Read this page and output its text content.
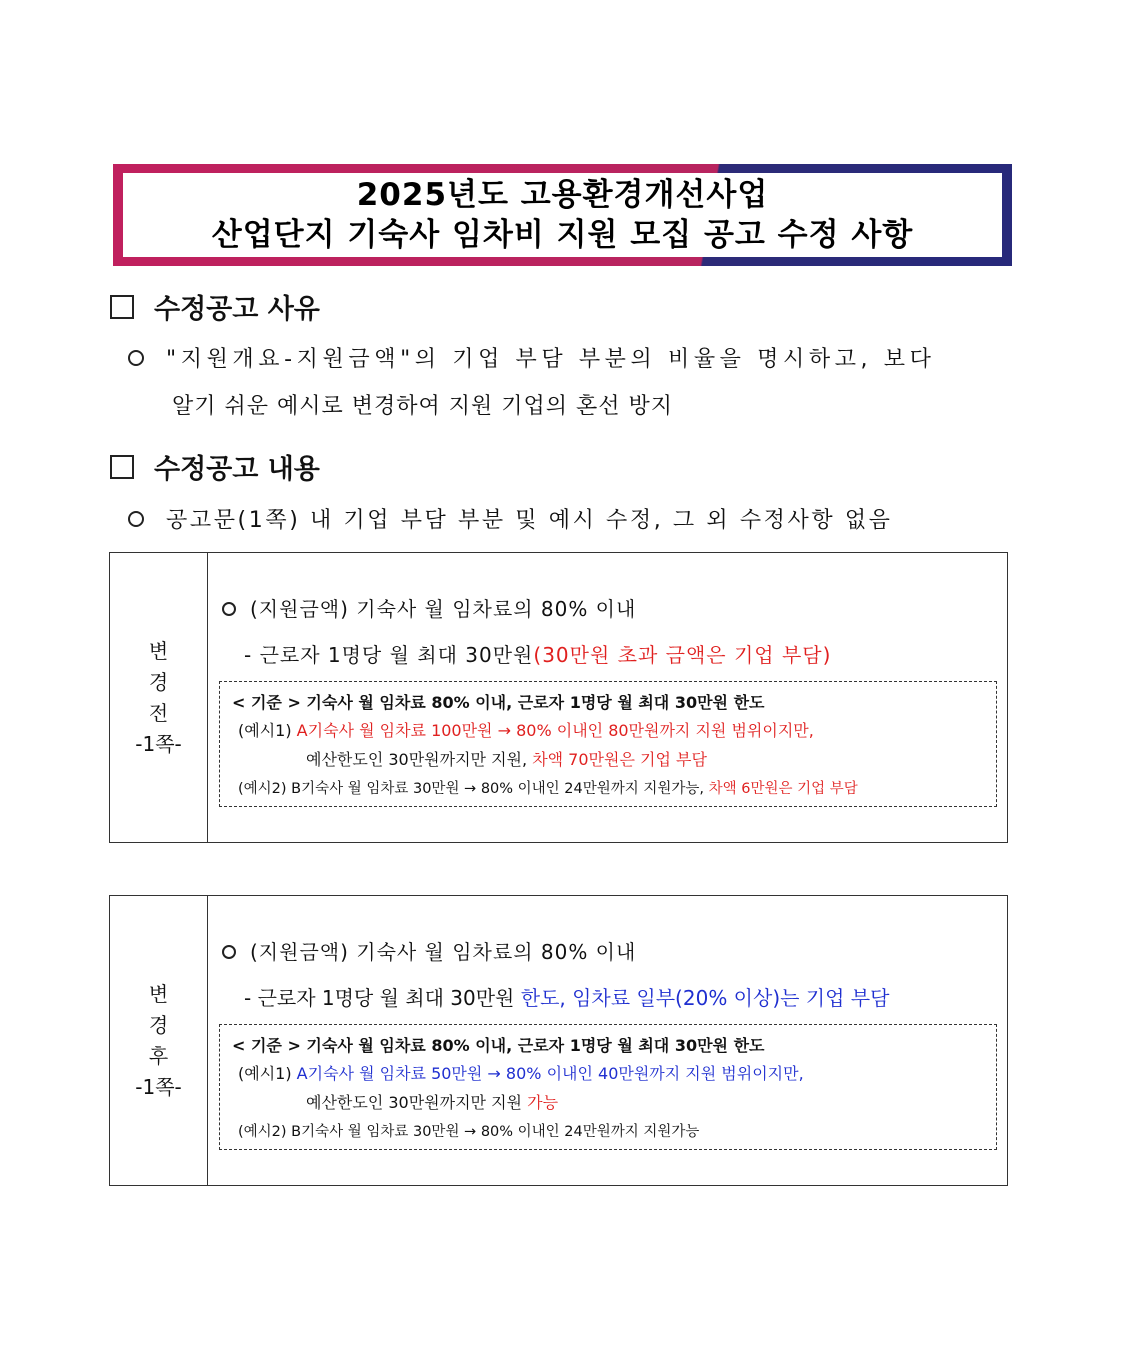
2025년도 고용환경개선사업
산업단지 기숙사 임차비 지원 모집 공고 수정 사항
수정공고 사유
"지원개요-지원금액"의 기업 부담 부분의 비율을 명시하고, 보다
알기 쉬운 예시로 변경하여 지원 기업의 혼선 방지
수정공고 내용
공고문(1쪽) 내 기업 부담 부분 및 예시 수정, 그 외 수정사항 없음
변
경
전
-1쪽-
(지원금액) 기숙사 월 임차료의 80% 이내
- 근로자 1명당 월 최대 30만원(30만원 초과 금액은 기업 부담)
< 기준 > 기숙사 월 임차료 80% 이내, 근로자 1명당 월 최대 30만원 한도
(예시1) A기숙사 월 임차료 100만원 → 80% 이내인 80만원까지 지원 범위이지만,
예산한도인 30만원까지만 지원, 차액 70만원은 기업 부담
(예시2) B기숙사 월 임차료 30만원 → 80% 이내인 24만원까지 지원가능, 차액 6만원은 기업 부담
변
경
후
-1쪽-
(지원금액) 기숙사 월 임차료의 80% 이내
- 근로자 1명당 월 최대 30만원 한도, 임차료 일부(20% 이상)는 기업 부담
< 기준 > 기숙사 월 임차료 80% 이내, 근로자 1명당 월 최대 30만원 한도
(예시1) A기숙사 월 임차료 50만원 → 80% 이내인 40만원까지 지원 범위이지만,
예산한도인 30만원까지만 지원 가능
(예시2) B기숙사 월 임차료 30만원 → 80% 이내인 24만원까지 지원가능
